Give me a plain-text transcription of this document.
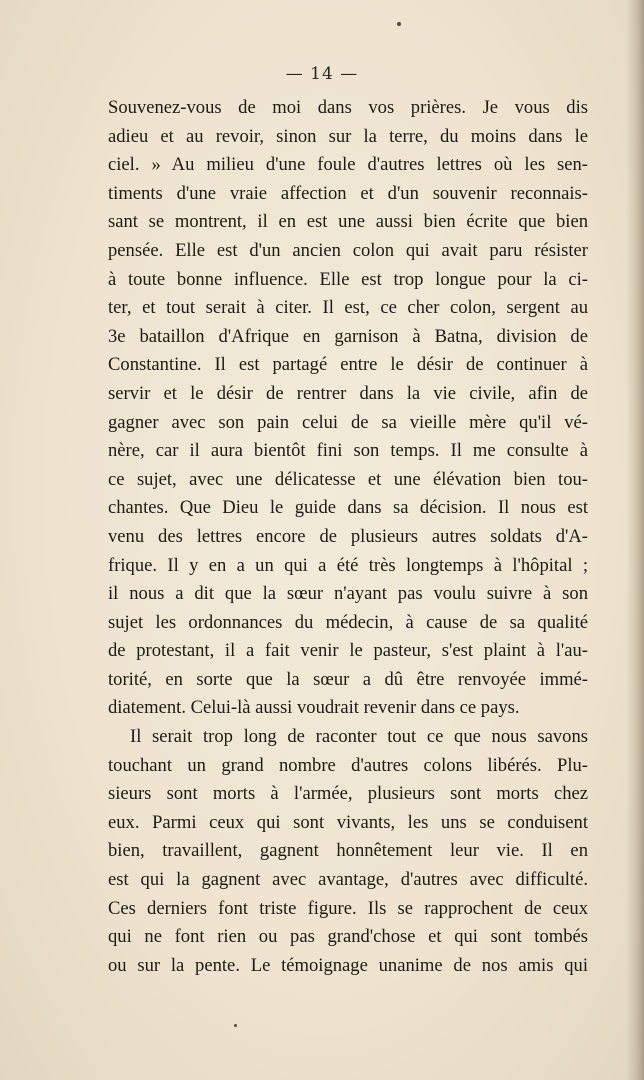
— 14 —
Souvenez-vous de moi dans vos prières. Je vous dis
adieu et au revoir, sinon sur la terre, du moins dans le
ciel. » Au milieu d'une foule d'autres lettres où les sen-
timents d'une vraie affection et d'un souvenir reconnais-
sant se montrent, il en est une aussi bien écrite que bien
pensée. Elle est d'un ancien colon qui avait paru résister
à toute bonne influence. Elle est trop longue pour la ci-
ter, et tout serait à citer. Il est, ce cher colon, sergent au
3e bataillon d'Afrique en garnison à Batna, division de
Constantine. Il est partagé entre le désir de continuer à
servir et le désir de rentrer dans la vie civile, afin de
gagner avec son pain celui de sa vieille mère qu'il vé-
nère, car il aura bientôt fini son temps. Il me consulte à
ce sujet, avec une délicatesse et une élévation bien tou-
chantes. Que Dieu le guide dans sa décision. Il nous est
venu des lettres encore de plusieurs autres soldats d'A-
frique. Il y en a un qui a été très longtemps à l'hôpital ;
il nous a dit que la sœur n'ayant pas voulu suivre à son
sujet les ordonnances du médecin, à cause de sa qualité
de protestant, il a fait venir le pasteur, s'est plaint à l'au-
torité, en sorte que la sœur a dû être renvoyée immé-
diatement. Celui-là aussi voudrait revenir dans ce pays.
Il serait trop long de raconter tout ce que nous savons
touchant un grand nombre d'autres colons libérés. Plu-
sieurs sont morts à l'armée, plusieurs sont morts chez
eux. Parmi ceux qui sont vivants, les uns se conduisent
bien, travaillent, gagnent honnêtement leur vie. Il en
est qui la gagnent avec avantage, d'autres avec difficulté.
Ces derniers font triste figure. Ils se rapprochent de ceux
qui ne font rien ou pas grand'chose et qui sont tombés
ou sur la pente. Le témoignage unanime de nos amis qui
